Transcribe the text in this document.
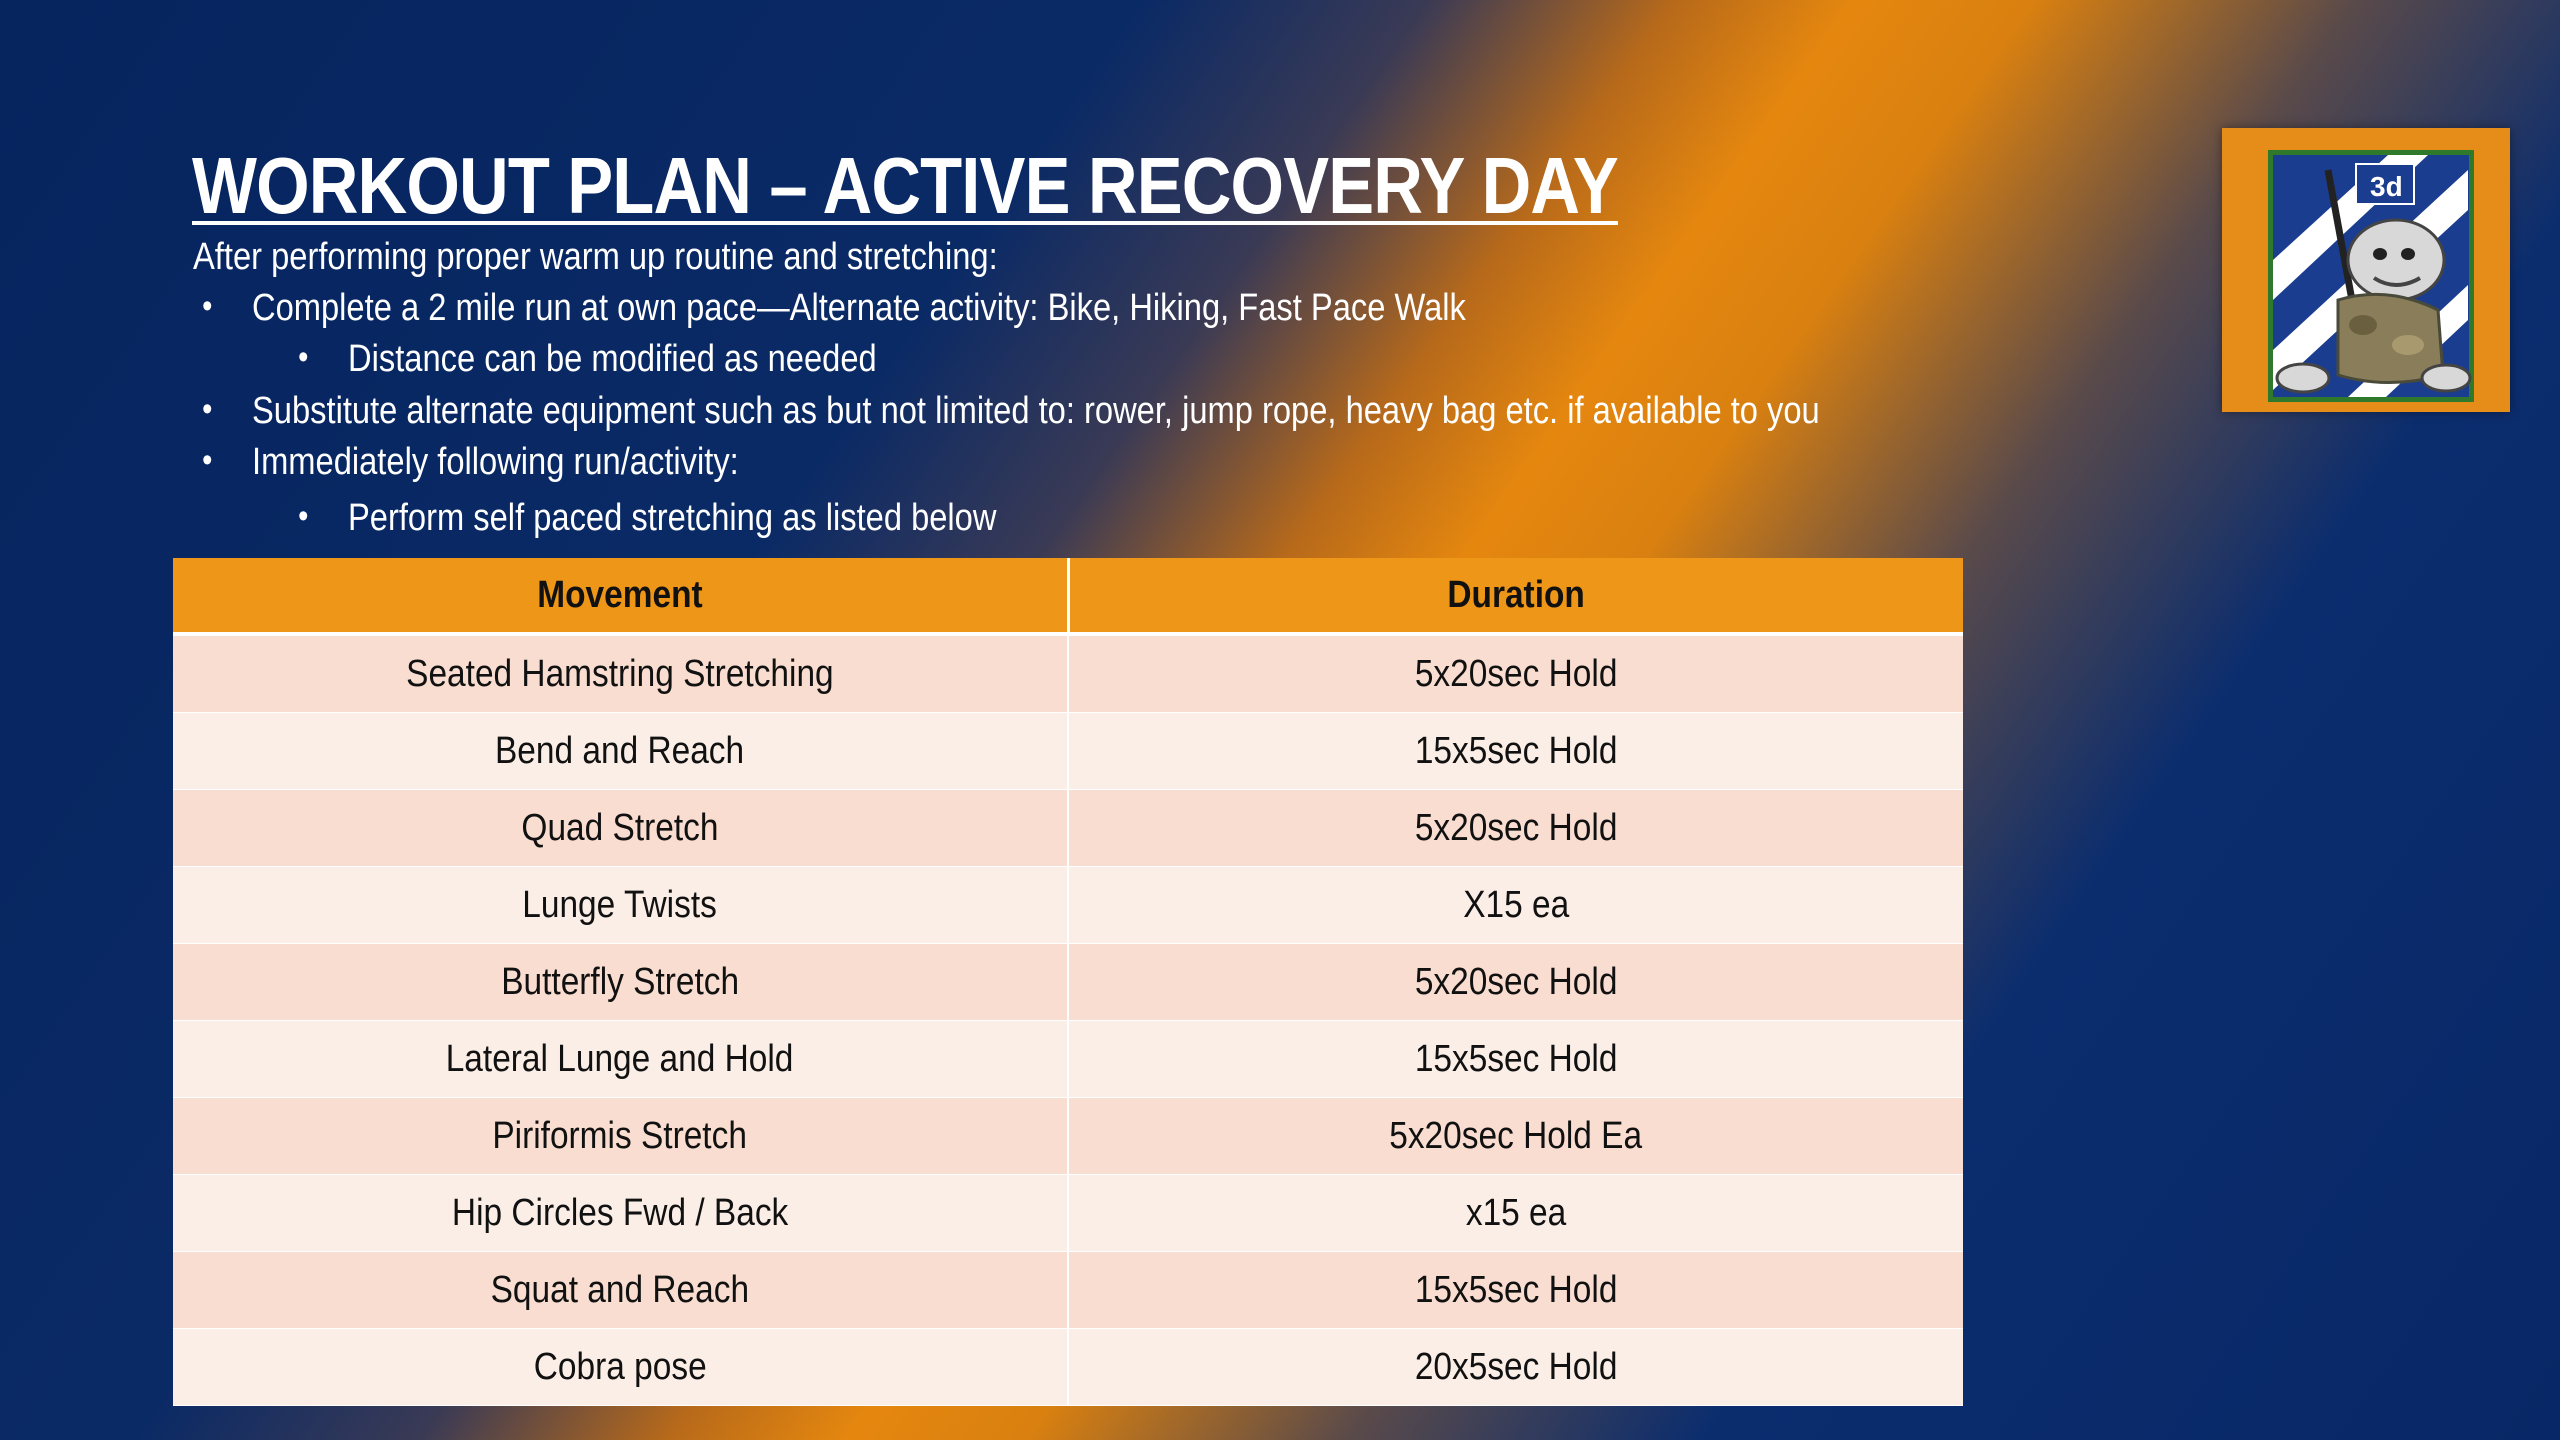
WORKOUT PLAN – ACTIVE RECOVERY DAY
After performing proper warm up routine and stretching:
• Complete a 2 mile run at own pace—Alternate activity: Bike, Hiking, Fast Pace Walk
• Distance can be modified as needed
• Substitute alternate equipment such as but not limited to: rower, jump rope, heavy bag etc. if available to you
• Immediately following run/activity:
• Perform self paced stretching as listed below
3d
Movement	Duration
Seated Hamstring Stretching	5x20sec Hold
Bend and Reach	15x5sec Hold
Quad Stretch	5x20sec Hold
Lunge Twists	X15 ea
Butterfly Stretch	5x20sec Hold
Lateral Lunge and Hold	15x5sec Hold
Piriformis Stretch	5x20sec Hold Ea
Hip Circles Fwd / Back	x15 ea
Squat and Reach	15x5sec Hold
Cobra pose	20x5sec Hold
